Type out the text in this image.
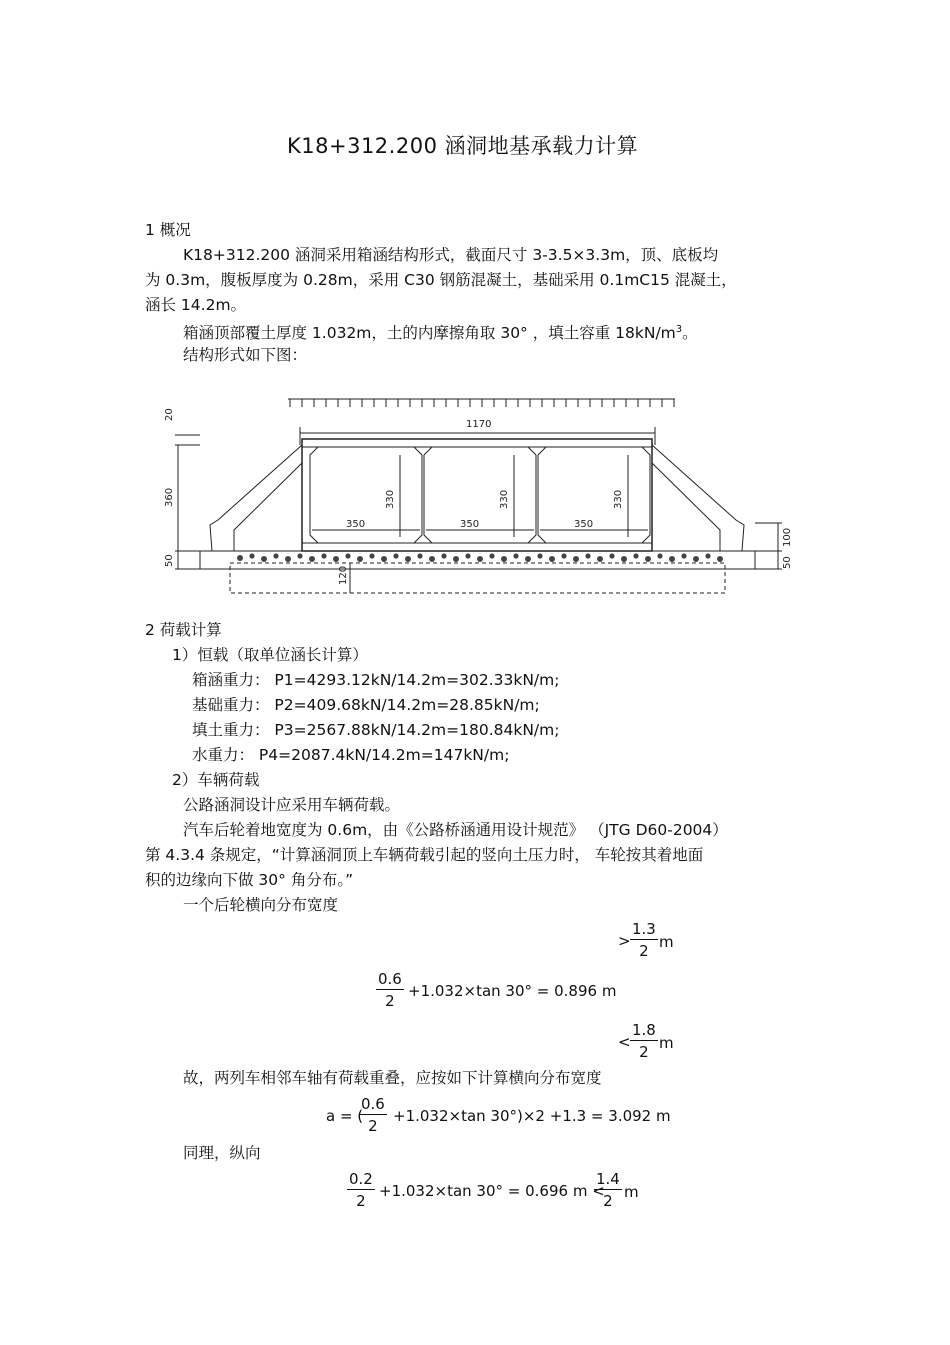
K18+312.200 涵洞地基承载力计算
1 概况
K18+312.200 涵洞采用箱涵结构形式，截面尺寸 3-3.5×3.3m，顶、底板均
为 0.3m，腹板厚度为 0.28m，采用 C30 钢筋混凝土，基础采用 0.1mC15 混凝土，
涵长 14.2m。
箱涵顶部覆土厚度 1.032m，土的内摩擦角取 30° ，填土容重 $18kN/m^3$。
结构形式如下图：
1170
350	350	350
330	330	330
20
360
50
100
50
120
2 荷载计算
1）恒载（取单位涵长计算）
箱涵重力： P1=4293.12kN/14.2m=302.33kN/m;
基础重力： P2=409.68kN/14.2m=28.85kN/m;
填土重力： P3=2567.88kN/14.2m=180.84kN/m;
水重力： P4=2087.4kN/14.2m=147kN/m;
2）车辆荷载
公路涵洞设计应采用车辆荷载。
汽车后轮着地宽度为 0.6m，由《公路桥涵通用设计规范》 （JTG D60-2004）
第 4.3.4 条规定，“计算涵洞顶上车辆荷载引起的竖向土压力时， 车轮按其着地面
积的边缘向下做 30° 角分布。”
一个后轮横向分布宽度
> $\frac{1.3}{2}$ m
$\frac{0.6}{2} +1.032\times\tan$ 30° = 0.896 m
< $\frac{1.8}{2}$ m
故，两列车相邻车轴有荷载重叠，应按如下计算横向分布宽度
a = (
$\frac{0.6}{2} +1.032\times\tan$ 30°)×2 +1.3 = 3.092 m
同理，纵向
$\frac{0.2}{2} +1.032\times\tan$ 30° = 0.696 m <
$\frac{1.4}{2}$ m
